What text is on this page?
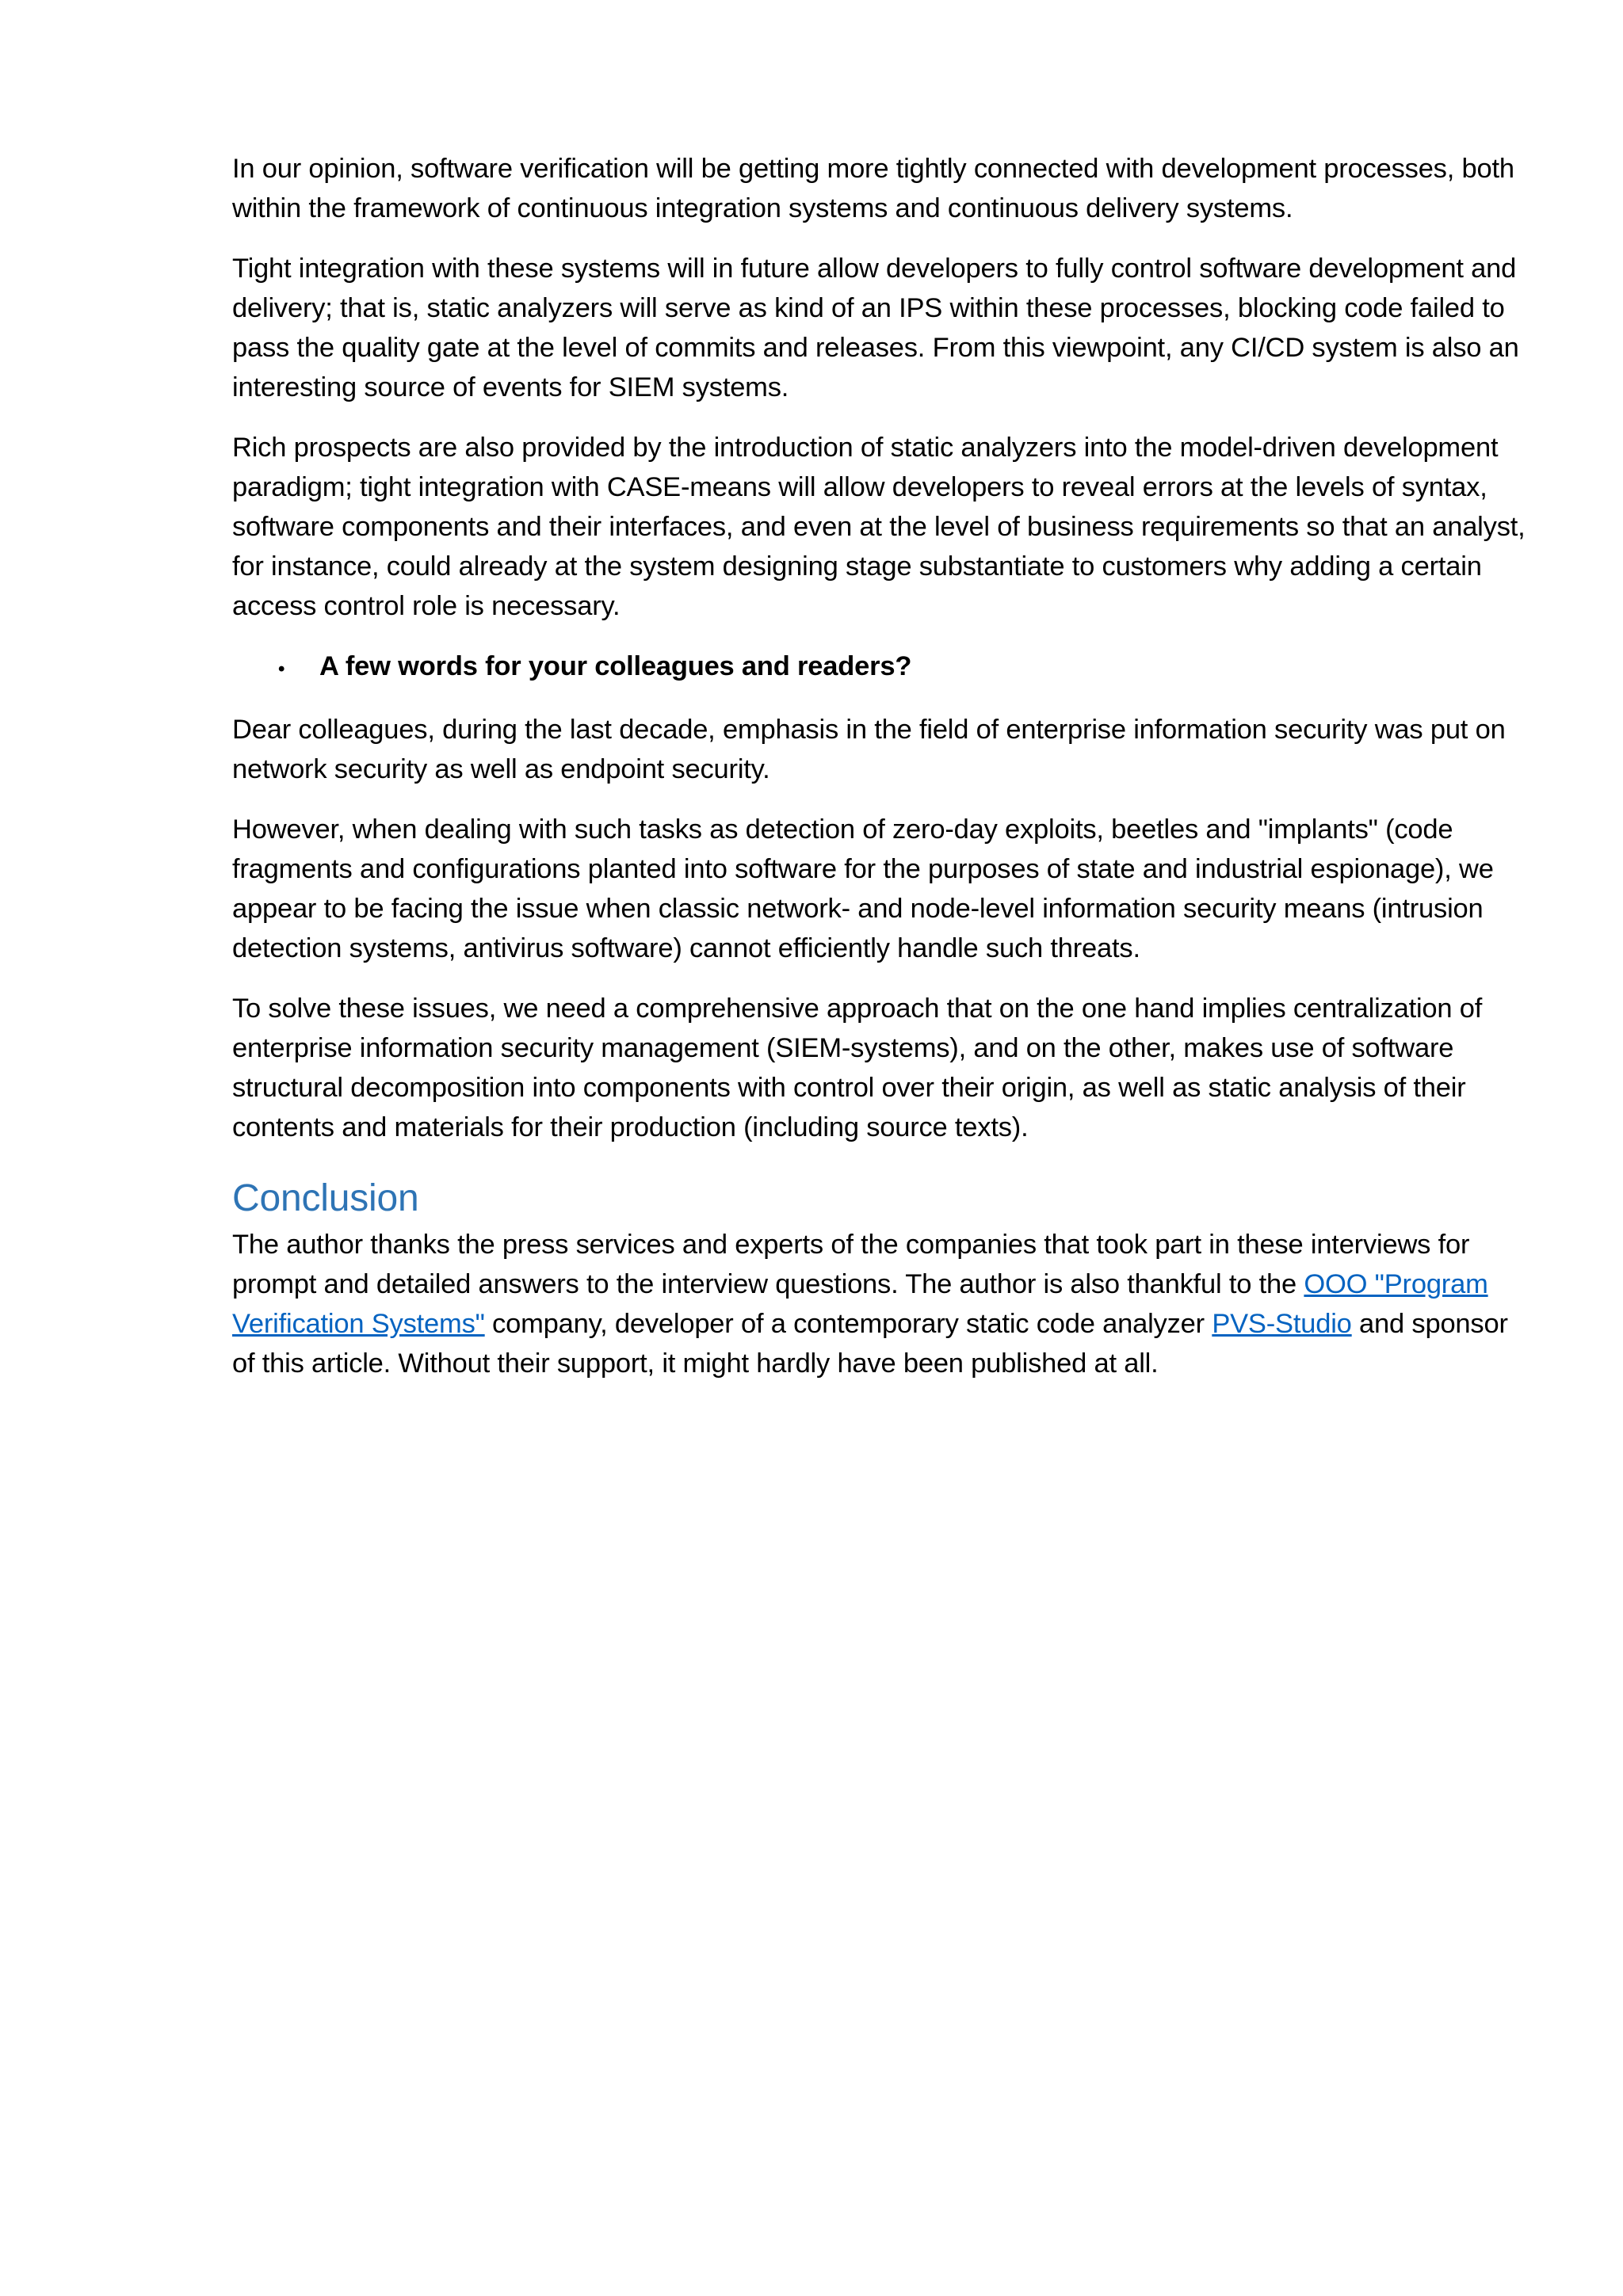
In our opinion, software verification will be getting more tightly connected with development processes, both within the framework of continuous integration systems and continuous delivery systems.

Tight integration with these systems will in future allow developers to fully control software development and delivery; that is, static analyzers will serve as kind of an IPS within these processes, blocking code failed to pass the quality gate at the level of commits and releases. From this viewpoint, any CI/CD system is also an interesting source of events for SIEM systems.

Rich prospects are also provided by the introduction of static analyzers into the model-driven development paradigm; tight integration with CASE-means will allow developers to reveal errors at the levels of syntax, software components and their interfaces, and even at the level of business requirements so that an analyst, for instance, could already at the system designing stage substantiate to customers why adding a certain access control role is necessary.

•	A few words for your colleagues and readers?

Dear colleagues, during the last decade, emphasis in the field of enterprise information security was put on network security as well as endpoint security.

However, when dealing with such tasks as detection of zero-day exploits, beetles and "implants" (code fragments and configurations planted into software for the purposes of state and industrial espionage), we appear to be facing the issue when classic network- and node-level information security means (intrusion detection systems, antivirus software) cannot efficiently handle such threats.

To solve these issues, we need a comprehensive approach that on the one hand implies centralization of enterprise information security management (SIEM-systems), and on the other, makes use of software structural decomposition into components with control over their origin, as well as static analysis of their contents and materials for their production (including source texts).

Conclusion

The author thanks the press services and experts of the companies that took part in these interviews for prompt and detailed answers to the interview questions. The author is also thankful to the OOO "Program Verification Systems" company, developer of a contemporary static code analyzer PVS-Studio and sponsor of this article. Without their support, it might hardly have been published at all.
